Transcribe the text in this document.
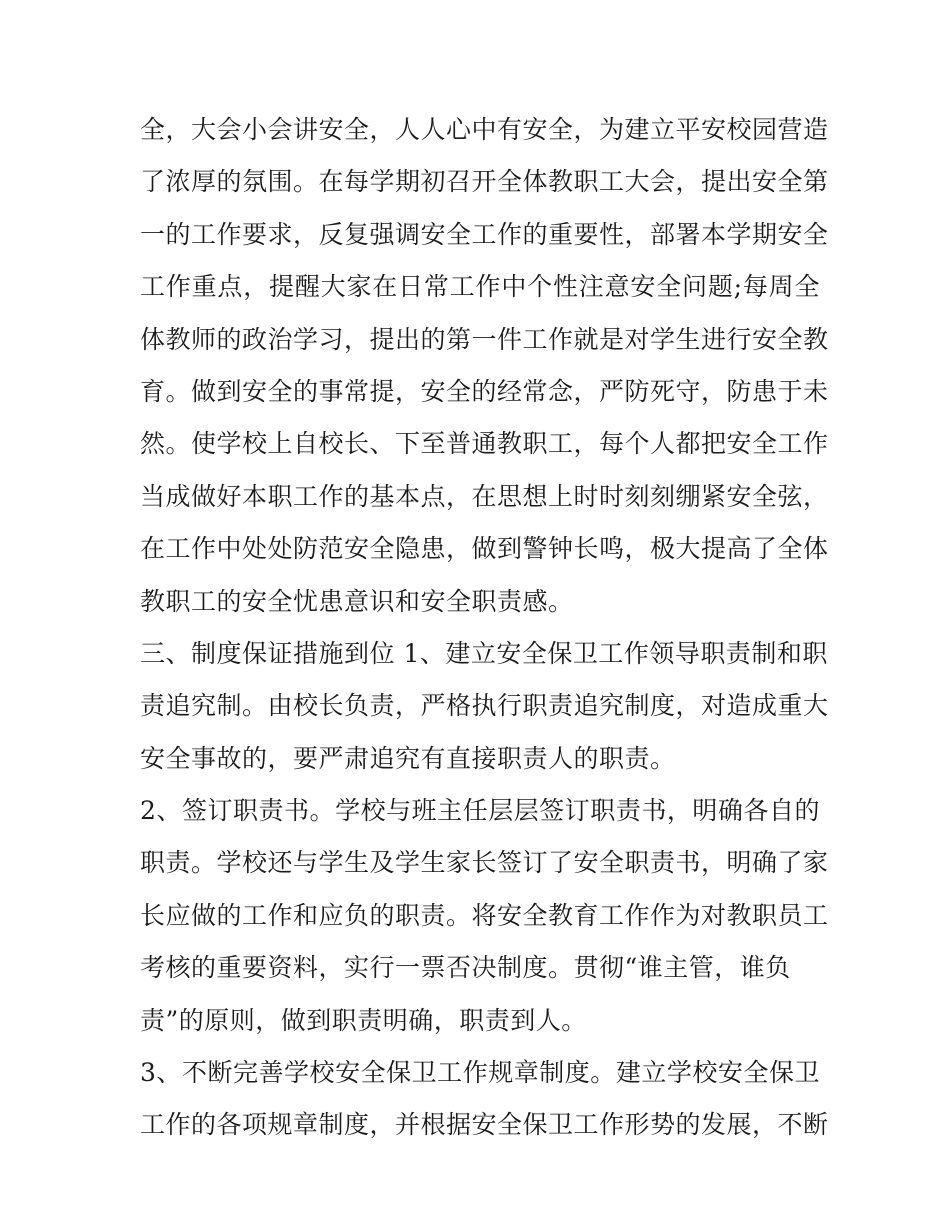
全，大会小会讲安全，人人心中有安全，为建立平安校园营造
了浓厚的氛围。在每学期初召开全体教职工大会，提出安全第
一的工作要求，反复强调安全工作的重要性，部署本学期安全
工作重点，提醒大家在日常工作中个性注意安全问题;每周全
体教师的政治学习，提出的第一件工作就是对学生进行安全教
育。做到安全的事常提，安全的经常念，严防死守，防患于未
然。使学校上自校长、下至普通教职工，每个人都把安全工作
当成做好本职工作的基本点，在思想上时时刻刻绷紧安全弦，
在工作中处处防范安全隐患，做到警钟长鸣，极大提高了全体
教职工的安全忧患意识和安全职责感。
三、制度保证措施到位 1、建立安全保卫工作领导职责制和职
责追究制。由校长负责，严格执行职责追究制度，对造成重大
安全事故的，要严肃追究有直接职责人的职责。
2、签订职责书。学校与班主任层层签订职责书，明确各自的
职责。学校还与学生及学生家长签订了安全职责书，明确了家
长应做的工作和应负的职责。将安全教育工作作为对教职员工
考核的重要资料，实行一票否决制度。贯彻“谁主管，谁负
责”的原则，做到职责明确，职责到人。
3、不断完善学校安全保卫工作规章制度。建立学校安全保卫
工作的各项规章制度，并根据安全保卫工作形势的发展，不断
